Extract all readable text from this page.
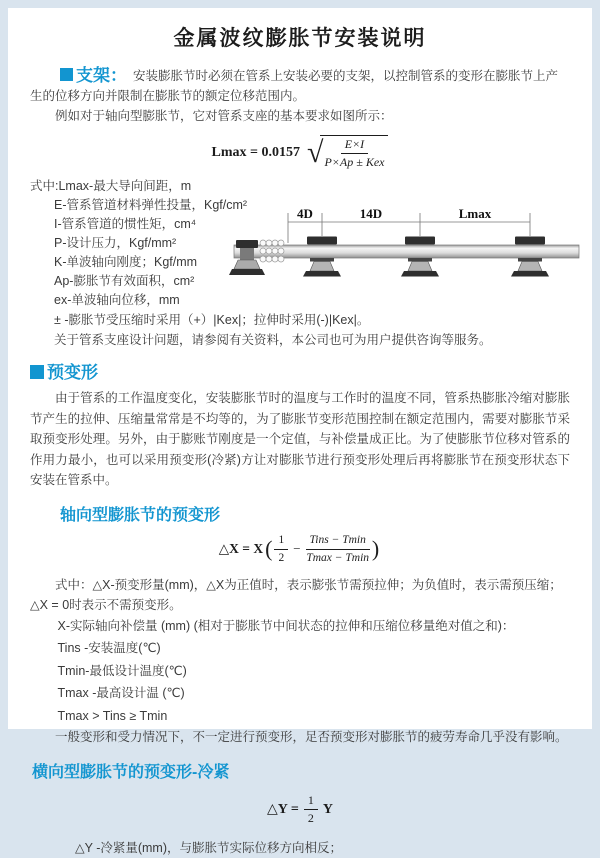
金属波纹膨胀节安装说明

支架： 安装膨胀节时必须在管系上安装必要的支架，以控制管系的变形在膨胀节上产生的位移方向并限制在膨胀节的额定位移范围内。

例如对于轴向型膨胀节，它对管系支座的基本要求如图所示：

Lmax = 0.0157 √ $\frac{E\times I}{\text{P×Ap ± Kex}}$
式中:Lmax-最大导向间距，m
E-管系管道材料弹性投量，Kgf/cm²
I-管系管道的惯性矩，cm⁴
P-设计压力，Kgf/mm²
K-单波轴向刚度；Kgf/mm
Ap-膨胀节有效面积，cm²
ex-单波轴向位移，mm
4D	14D	Lmax

± -膨胀节受压缩时采用（+）|Kex|；拉伸时采用(-)|Kex|。

关于管系支座设计问题，请参阅有关资料，本公司也可为用户提供咨询等服务。

预变形

由于管系的工作温度变化，安装膨胀节时的温度与工作时的温度不同，管系热膨胀冷缩对膨胀节产生的拉伸、压缩量常常是不均等的，为了膨胀节变形范围控制在额定范围内，需要对膨胀节采取预变形处理。另外，由于膨账节刚度是一个定值，与补偿量成正比。为了使膨胀节位移对管系的作用力最小，也可以采用预变形(冷紧)方让对膨胀节进行预变形处理后再将膨胀节在预变形状态下安装在管系中。

轴向型膨胀节的预变形
△X = X ( $\frac{1}{2} - \frac{\text{Tins − Tmin}}{Tmax - Tmin}$ )

式中：△X-预变形量(mm)，△X为正值时，表示膨张节需预拉伸；为负值时，表示需预压缩；△X = 0时表示不需预变形。

X-实际轴向补偿量 (mm) (相对于膨胀节中间状态的拉伸和压缩位移量绝对值之和)：

Tins -安装温度(℃)

Tmin-最低设计温度(℃)

Tmax -最高设计温 (℃)

Tmax > Tins ≥ Tmin

一般变形和受力情况下，不一定进行预变形，足否预变形对膨胀节的疲劳寿命几乎没有影响。

横向型膨胀节的预变形-冷紧
△Y = $\frac{1}{2}$ Y

△Y -冷紧量(mm)，与膨胀节实际位移方向相反；
